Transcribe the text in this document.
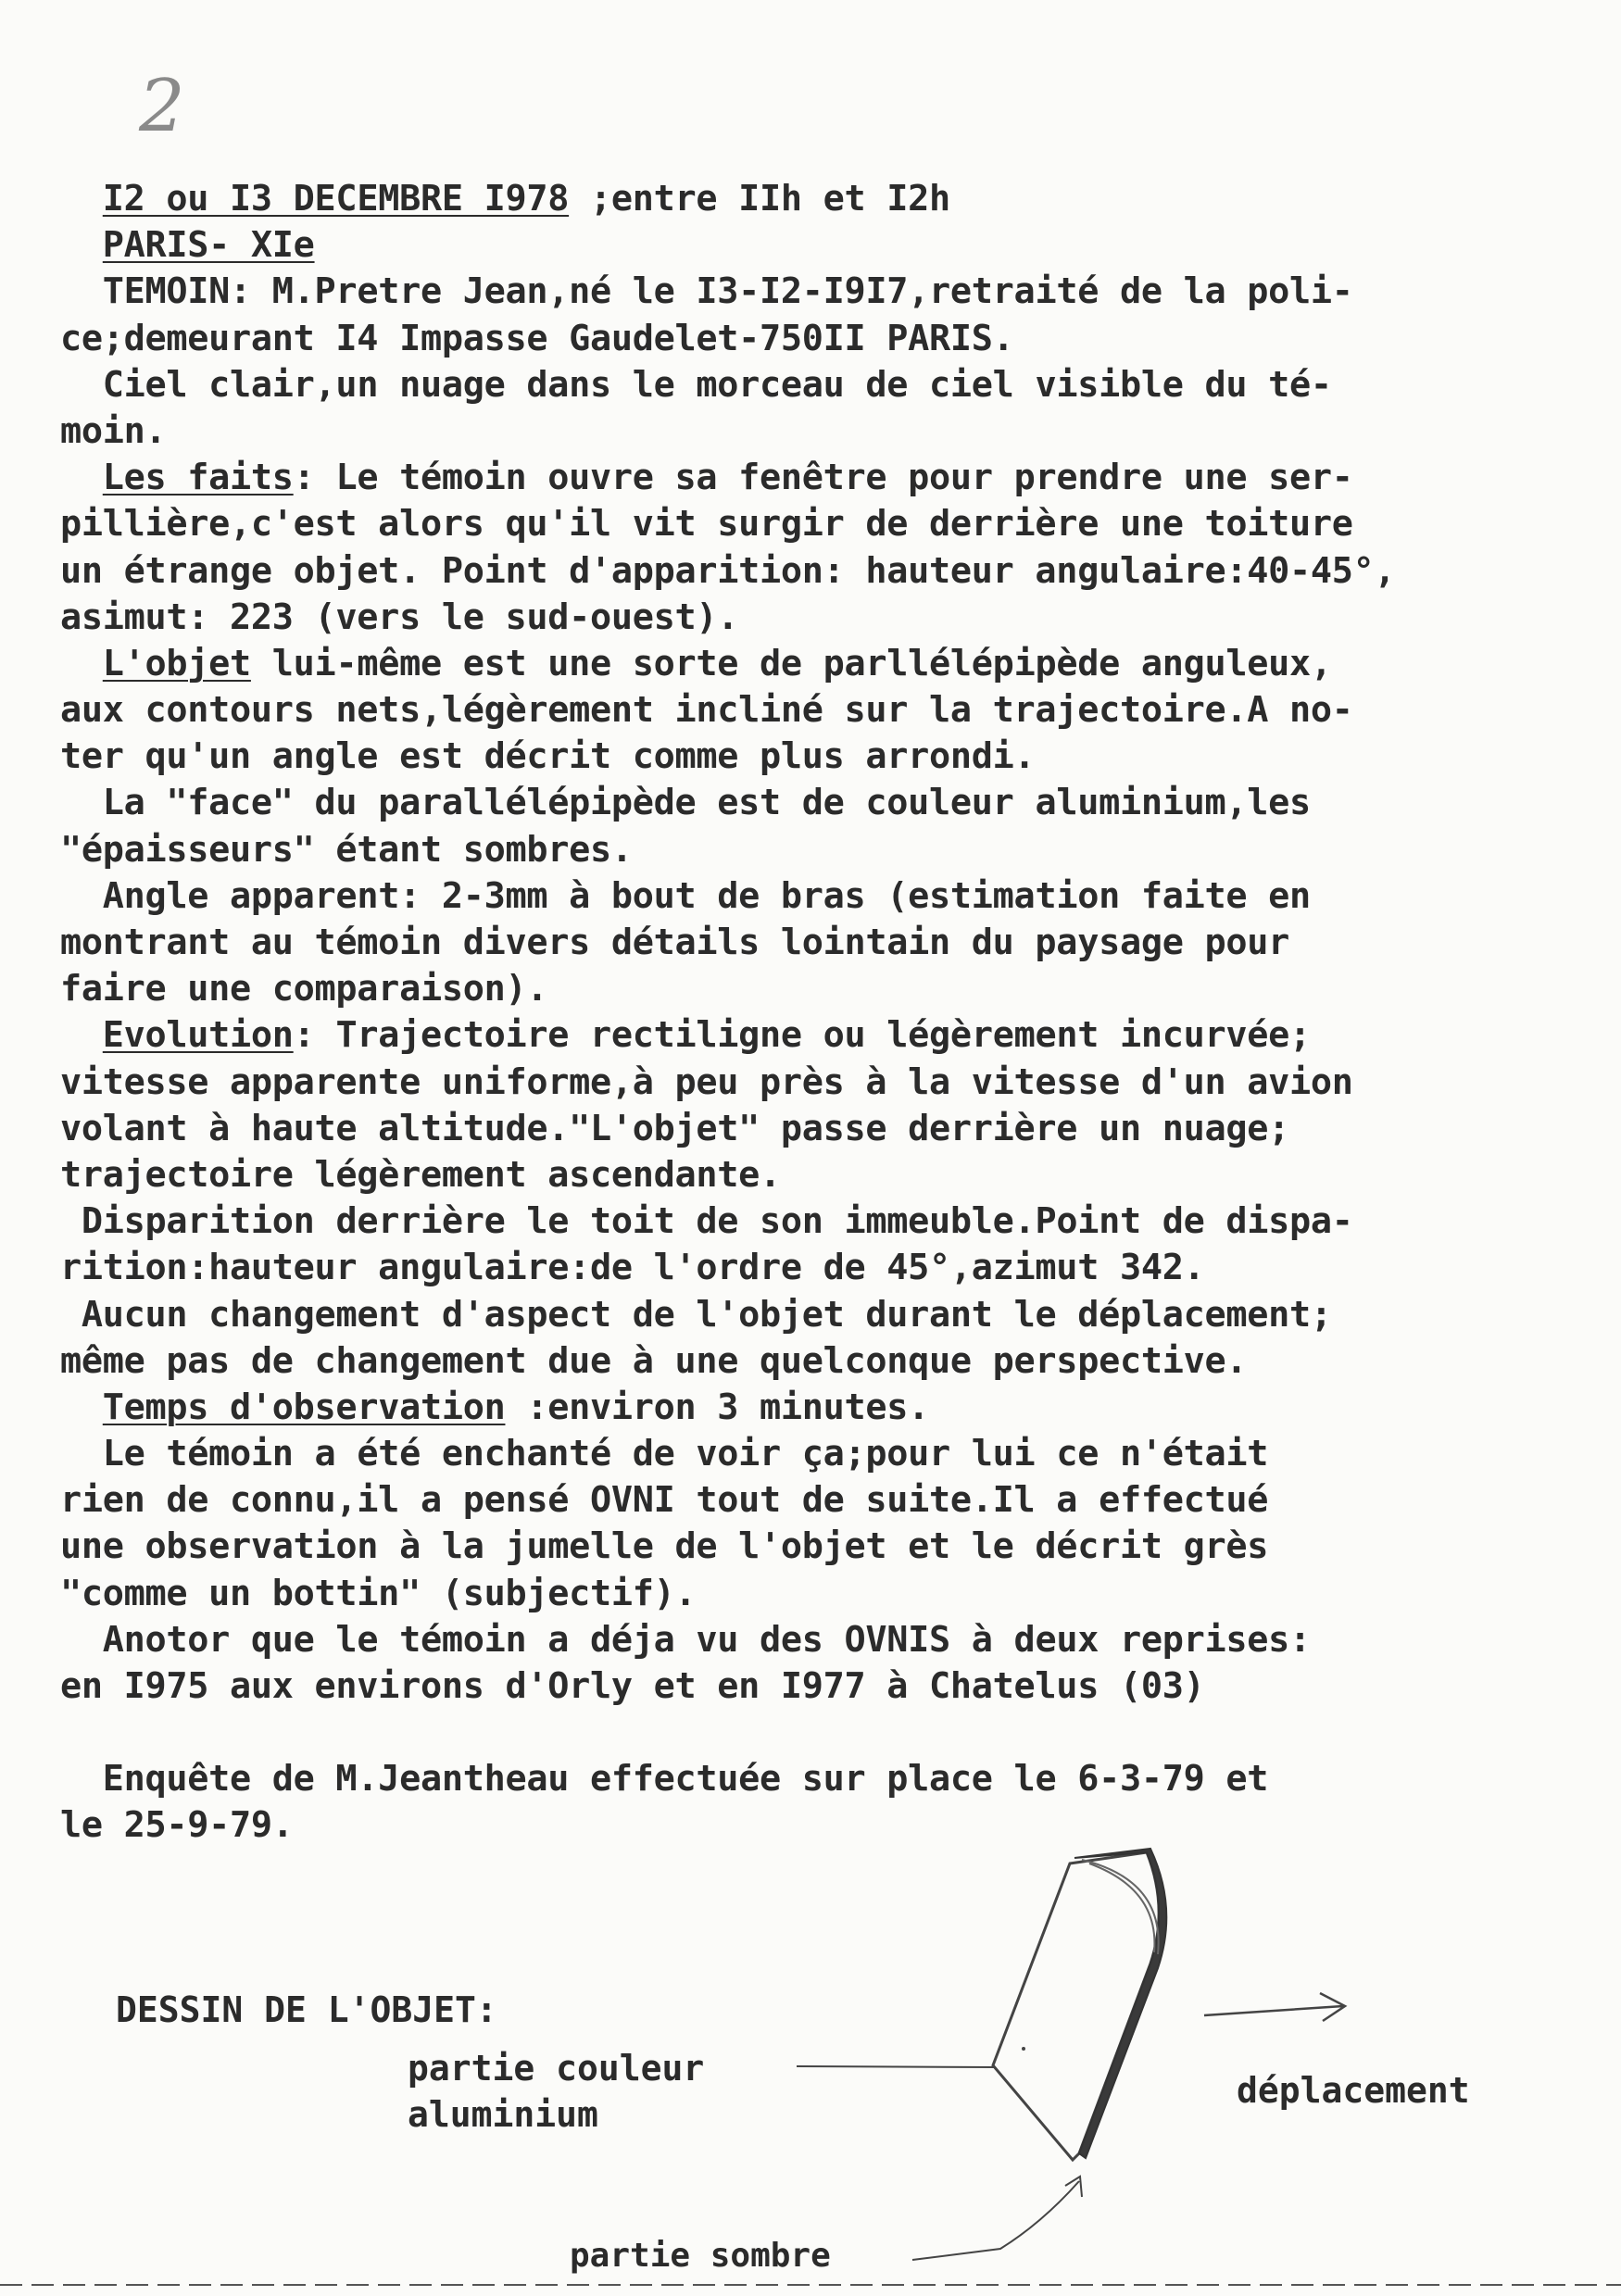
2
I2 ou I3 DECEMBRE I978 ;entre IIh et I2h
PARIS- XIe
TEMOIN: M.Pretre Jean,né le I3-I2-I9I7,retraité de la poli-
ce;demeurant I4 Impasse Gaudelet-750II PARIS.
Ciel clair,un nuage dans le morceau de ciel visible du té-
moin.
Les faits: Le témoin ouvre sa fenêtre pour prendre une ser-
pillière,c'est alors qu'il vit surgir de derrière une toiture
un étrange objet. Point d'apparition: hauteur angulaire:40-45°,
asimut: 223 (vers le sud-ouest).
L'objet lui-même est une sorte de parllélépipède anguleux,
aux contours nets,légèrement incliné sur la trajectoire.A no-
ter qu'un angle est décrit comme plus arrondi.
La "face" du parallélépipède est de couleur aluminium,les
"épaisseurs" étant sombres.
Angle apparent: 2-3mm à bout de bras (estimation faite en
montrant au témoin divers détails lointain du paysage pour
faire une comparaison).
Evolution: Trajectoire rectiligne ou légèrement incurvée;
vitesse apparente uniforme,à peu près à la vitesse d'un avion
volant à haute altitude."L'objet" passe derrière un nuage;
trajectoire légèrement ascendante.
Disparition derrière le toit de son immeuble.Point de dispa-
rition:hauteur angulaire:de l'ordre de 45°,azimut 342.
Aucun changement d'aspect de l'objet durant le déplacement;
même pas de changement due à une quelconque perspective.
Temps d'observation :environ 3 minutes.
Le témoin a été enchanté de voir ça;pour lui ce n'était
rien de connu,il a pensé OVNI tout de suite.Il a effectué
une observation à la jumelle de l'objet et le décrit grès
"comme un bottin" (subjectif).
Anotor que le témoin a déja vu des OVNIS à deux reprises:
en I975 aux environs d'Orly et en I977 à Chatelus (03)
Enquête de M.Jeantheau effectuée sur place le 6-3-79 et
le 25-9-79.
DESSIN DE L'OBJET:
partie couleur
aluminium
déplacement
partie sombre
